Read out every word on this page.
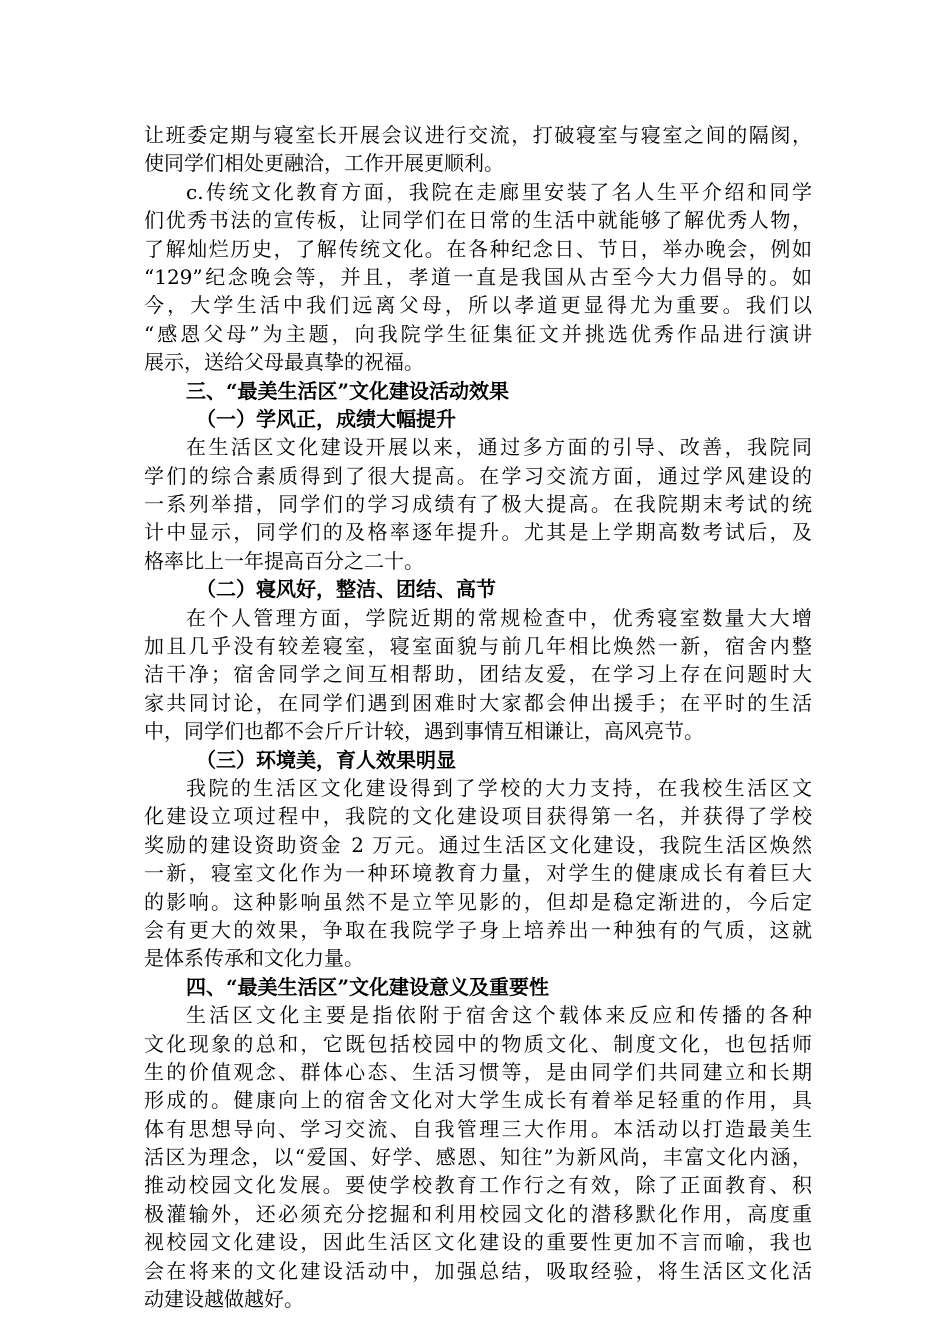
让班委定期与寝室长开展会议进行交流，打破寝室与寝室之间的隔阂，
使同学们相处更融洽，工作开展更顺利。
c.传统文化教育方面，我院在走廊里安装了名人生平介绍和同学
们优秀书法的宣传板，让同学们在日常的生活中就能够了解优秀人物，
了解灿烂历史，了解传统文化。在各种纪念日、节日，举办晚会，例如
“129”纪念晚会等，并且，孝道一直是我国从古至今大力倡导的。如
今，大学生活中我们远离父母，所以孝道更显得尤为重要。我们以
“感恩父母”为主题，向我院学生征集征文并挑选优秀作品进行演讲
展示，送给父母最真挚的祝福。
三、“最美生活区”文化建设活动效果
（一）学风正，成绩大幅提升
在生活区文化建设开展以来，通过多方面的引导、改善，我院同
学们的综合素质得到了很大提高。在学习交流方面，通过学风建设的
一系列举措，同学们的学习成绩有了极大提高。在我院期末考试的统
计中显示，同学们的及格率逐年提升。尤其是上学期高数考试后，及
格率比上一年提高百分之二十。
（二）寝风好，整洁、团结、高节
在个人管理方面，学院近期的常规检查中，优秀寝室数量大大增
加且几乎没有较差寝室，寝室面貌与前几年相比焕然一新，宿舍内整
洁干净；宿舍同学之间互相帮助，团结友爱，在学习上存在问题时大
家共同讨论，在同学们遇到困难时大家都会伸出援手；在平时的生活
中，同学们也都不会斤斤计较，遇到事情互相谦让，高风亮节。
（三）环境美，育人效果明显
我院的生活区文化建设得到了学校的大力支持，在我校生活区文
化建设立项过程中，我院的文化建设项目获得第一名，并获得了学校
奖励的建设资助资金 2 万元。通过生活区文化建设，我院生活区焕然
一新，寝室文化作为一种环境教育力量，对学生的健康成长有着巨大
的影响。这种影响虽然不是立竿见影的，但却是稳定渐进的，今后定
会有更大的效果，争取在我院学子身上培养出一种独有的气质，这就
是体系传承和文化力量。
四、“最美生活区”文化建设意义及重要性
生活区文化主要是指依附于宿舍这个载体来反应和传播的各种
文化现象的总和，它既包括校园中的物质文化、制度文化，也包括师
生的价值观念、群体心态、生活习惯等，是由同学们共同建立和长期
形成的。健康向上的宿舍文化对大学生成长有着举足轻重的作用，具
体有思想导向、学习交流、自我管理三大作用。本活动以打造最美生
活区为理念，以“爱国、好学、感恩、知往”为新风尚，丰富文化内涵，
推动校园文化发展。要使学校教育工作行之有效，除了正面教育、积
极灌输外，还必须充分挖掘和利用校园文化的潜移默化作用，高度重
视校园文化建设，因此生活区文化建设的重要性更加不言而喻，我也
会在将来的文化建设活动中，加强总结，吸取经验，将生活区文化活
动建设越做越好。
